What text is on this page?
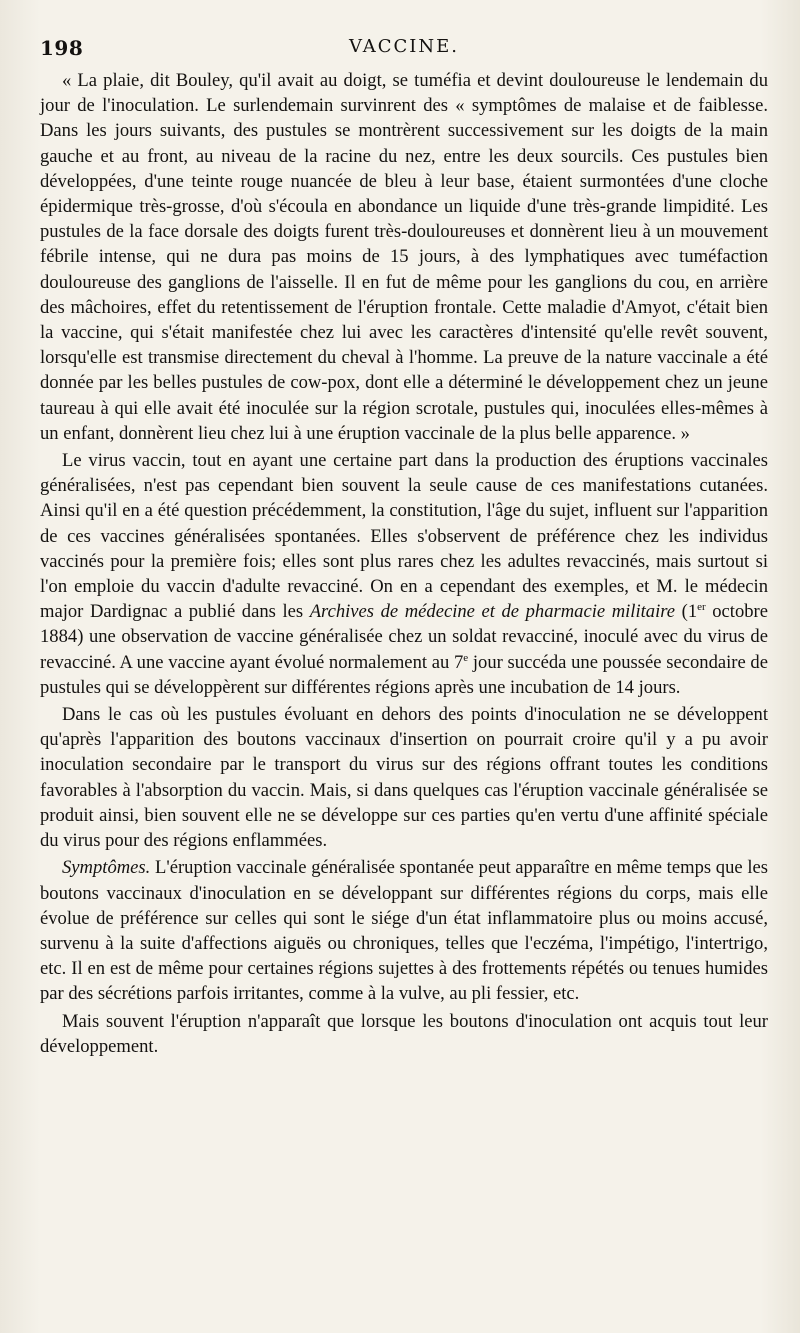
198	VACCINE.

« La plaie, dit Bouley, qu'il avait au doigt, se tuméfia et devint douloureuse le lendemain du jour de l'inoculation. Le surlendemain survinrent des « symptômes de malaise et de faiblesse. Dans les jours suivants, des pustules se montrèrent successivement sur les doigts de la main gauche et au front, au niveau de la racine du nez, entre les deux sourcils. Ces pustules bien développées, d'une teinte rouge nuancée de bleu à leur base, étaient surmontées d'une cloche épidermique très-grosse, d'où s'écoula en abondance un liquide d'une très-grande limpidité. Les pustules de la face dorsale des doigts furent très-douloureuses et donnèrent lieu à un mouvement fébrile intense, qui ne dura pas moins de 15 jours, à des lymphatiques avec tuméfaction douloureuse des ganglions de l'aisselle. Il en fut de même pour les ganglions du cou, en arrière des mâchoires, effet du retentissement de l'éruption frontale. Cette maladie d'Amyot, c'était bien la vaccine, qui s'était manifestée chez lui avec les caractères d'intensité qu'elle revêt souvent, lorsqu'elle est transmise directement du cheval à l'homme. La preuve de la nature vaccinale a été donnée par les belles pustules de cow-pox, dont elle a déterminé le développement chez un jeune taureau à qui elle avait été inoculée sur la région scrotale, pustules qui, inoculées elles-mêmes à un enfant, donnèrent lieu chez lui à une éruption vaccinale de la plus belle apparence. »

Le virus vaccin, tout en ayant une certaine part dans la production des éruptions vaccinales généralisées, n'est pas cependant bien souvent la seule cause de ces manifestations cutanées. Ainsi qu'il en a été question précédemment, la constitution, l'âge du sujet, influent sur l'apparition de ces vaccines généralisées spontanées. Elles s'observent de préférence chez les individus vaccinés pour la première fois; elles sont plus rares chez les adultes revaccinés, mais surtout si l'on emploie du vaccin d'adulte revacciné. On en a cependant des exemples, et M. le médecin major Dardignac a publié dans les Archives de médecine et de pharmacie militaire (1er octobre 1884) une observation de vaccine généralisée chez un soldat revacciné, inoculé avec du virus de revacciné. A une vaccine ayant évolué normalement au 7e jour succéda une poussée secondaire de pustules qui se développèrent sur différentes régions après une incubation de 14 jours.

Dans le cas où les pustules évoluant en dehors des points d'inoculation ne se développent qu'après l'apparition des boutons vaccinaux d'insertion on pourrait croire qu'il y a pu avoir inoculation secondaire par le transport du virus sur des régions offrant toutes les conditions favorables à l'absorption du vaccin. Mais, si dans quelques cas l'éruption vaccinale généralisée se produit ainsi, bien souvent elle ne se développe sur ces parties qu'en vertu d'une affinité spéciale du virus pour des régions enflammées.

Symptômes. L'éruption vaccinale généralisée spontanée peut apparaître en même temps que les boutons vaccinaux d'inoculation en se développant sur différentes régions du corps, mais elle évolue de préférence sur celles qui sont le siége d'un état inflammatoire plus ou moins accusé, survenu à la suite d'affections aiguës ou chroniques, telles que l'eczéma, l'impétigo, l'intertrigo, etc. Il en est de même pour certaines régions sujettes à des frottements répétés ou tenues humides par des sécrétions parfois irritantes, comme à la vulve, au pli fessier, etc.

Mais souvent l'éruption n'apparaît que lorsque les boutons d'inoculation ont acquis tout leur développement.
